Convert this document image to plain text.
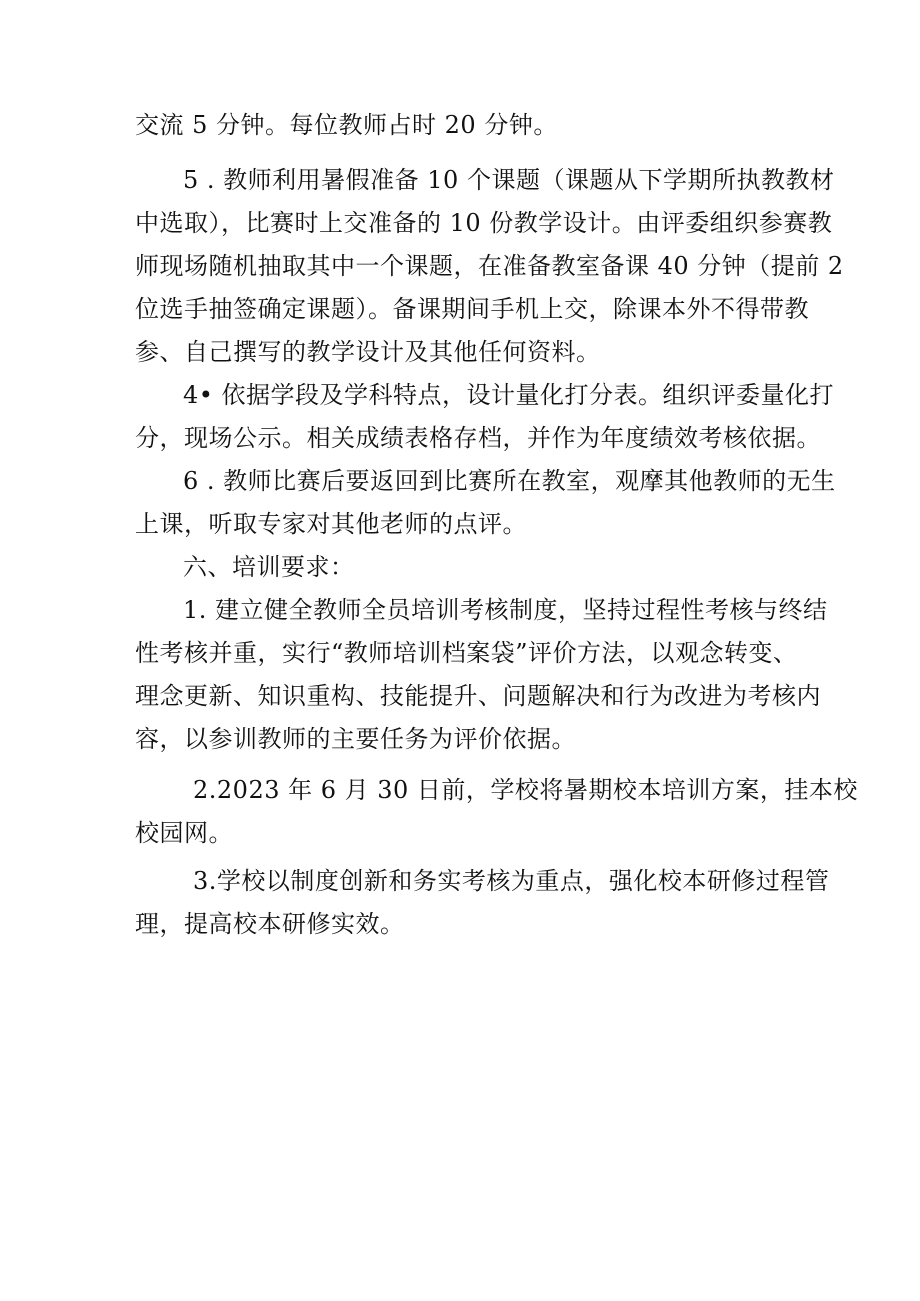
交流 5 分钟。每位教师占时 20 分钟。
5 . 教师利用暑假准备 10 个课题（课题从下学期所执教教材
中选取），比赛时上交准备的 10 份教学设计。由评委组织参赛教
师现场随机抽取其中一个课题，在准备教室备课 40 分钟（提前 2
位选手抽签确定课题）。备课期间手机上交，除课本外不得带教
参、自己撰写的教学设计及其他任何资料。
4• 依据学段及学科特点，设计量化打分表。组织评委量化打
分，现场公示。相关成绩表格存档，并作为年度绩效考核依据。
6 . 教师比赛后要返回到比赛所在教室，观摩其他教师的无生
上课，听取专家对其他老师的点评。
六、培训要求：
1. 建立健全教师全员培训考核制度，坚持过程性考核与终结
性考核并重，实行“教师培训档案袋”评价方法，以观念转变、
理念更新、知识重构、技能提升、问题解决和行为改进为考核内
容，以参训教师的主要任务为评价依据。
2.2023 年 6 月 30 日前，学校将暑期校本培训方案，挂本校
校园网。
3.学校以制度创新和务实考核为重点，强化校本研修过程管
理，提高校本研修实效。
